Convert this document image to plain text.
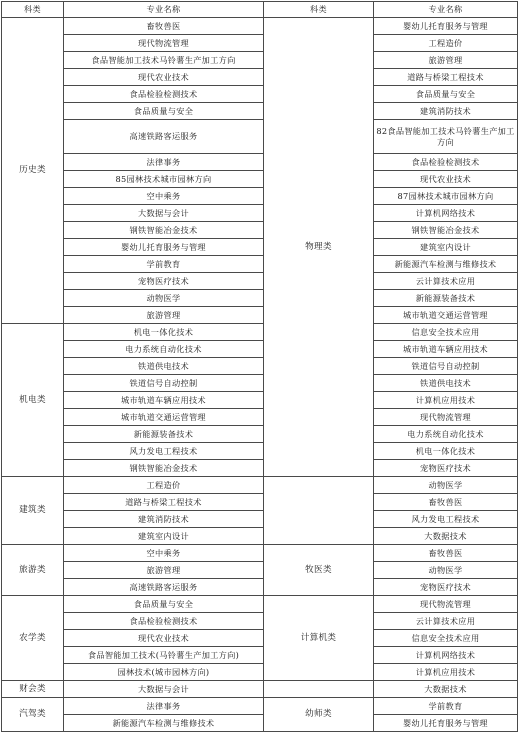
科类	专业名称	科类	专业名称
历史类	畜牧兽医	物理类	婴幼儿托育服务与管理
	现代物流管理		工程造价
	食品智能加工技术马铃薯生产加工方向		旅游管理
	现代农业技术		道路与桥梁工程技术
	食品检验检测技术		食品质量与安全
	食品质量与安全		建筑消防技术
	高速铁路客运服务		82食品智能加工技术马铃薯生产加工方向
	法律事务		食品检验检测技术
	85园林技术城市园林方向		现代农业技术
	空中乘务		87园林技术城市园林方向
	大数据与会计		计算机网络技术
	钢铁智能冶金技术		钢铁智能冶金技术
	婴幼儿托育服务与管理		建筑室内设计
	学前教育		新能源汽车检测与维修技术
	宠物医疗技术		云计算技术应用
	动物医学		新能源装备技术
	旅游管理		城市轨道交通运营管理
机电类	机电一体化技术		信息安全技术应用
	电力系统自动化技术		城市轨道车辆应用技术
	铁道供电技术		铁道信号自动控制
	铁道信号自动控制		铁道供电技术
	城市轨道车辆应用技术		计算机应用技术
	城市轨道交通运营管理		现代物流管理
	新能源装备技术		电力系统自动化技术
	风力发电工程技术		机电一体化技术
	钢铁智能冶金技术		宠物医疗技术
建筑类	工程造价		动物医学
	道路与桥梁工程技术		畜牧兽医
	建筑消防技术		风力发电工程技术
	建筑室内设计		大数据技术
旅游类	空中乘务	牧医类	畜牧兽医
	旅游管理		动物医学
	高速铁路客运服务		宠物医疗技术
农学类	食品质量与安全	计算机类	现代物流管理
	食品检验检测技术		云计算技术应用
	现代农业技术		信息安全技术应用
	食品智能加工技术(马铃薯生产加工方向)		计算机网络技术
	园林技术(城市园林方向)		计算机应用技术
财会类	大数据与会计		大数据技术
汽驾类	法律事务	幼师类	学前教育
	新能源汽车检测与维修技术		婴幼儿托育服务与管理
